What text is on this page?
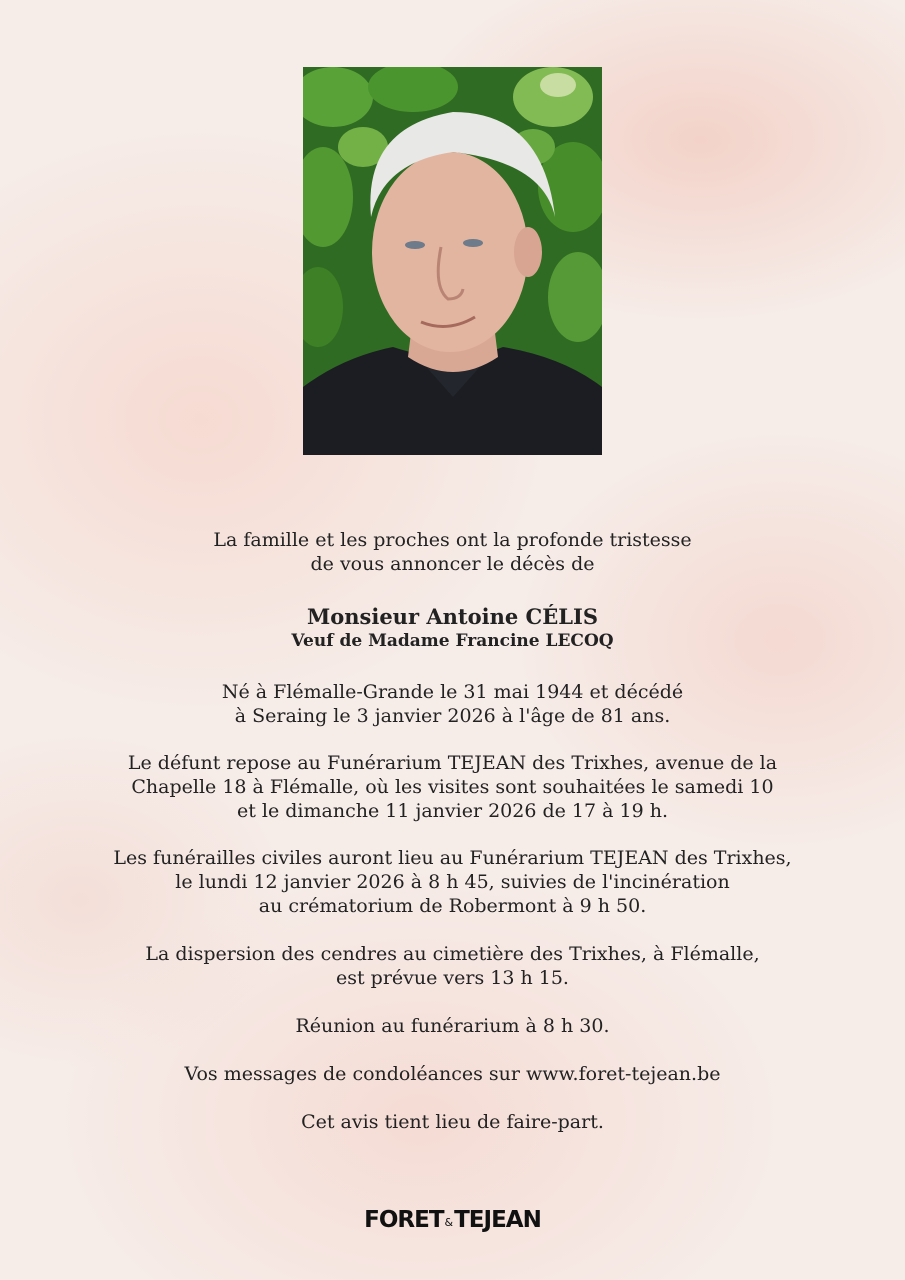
La famille et les proches ont la profonde tristesse
de vous annoncer le décès de

Monsieur Antoine CÉLIS

Veuf de Madame Francine LECOQ

Né à Flémalle-Grande le 31 mai 1944 et décédé
à Seraing le 3 janvier 2026 à l'âge de 81 ans.

Le défunt repose au Funérarium TEJEAN des Trixhes, avenue de la
Chapelle 18 à Flémalle, où les visites sont souhaitées le samedi 10
et le dimanche 11 janvier 2026 de 17 à 19 h.

Les funérailles civiles auront lieu au Funérarium TEJEAN des Trixhes,
le lundi 12 janvier 2026 à 8 h 45, suivies de l'incinération
au crématorium de Robermont à 9 h 50.

La dispersion des cendres au cimetière des Trixhes, à Flémalle,
est prévue vers 13 h 15.

Réunion au funérarium à 8 h 30.

Vos messages de condoléances sur www.foret-tejean.be

Cet avis tient lieu de faire-part.

FORET&TEJEAN
